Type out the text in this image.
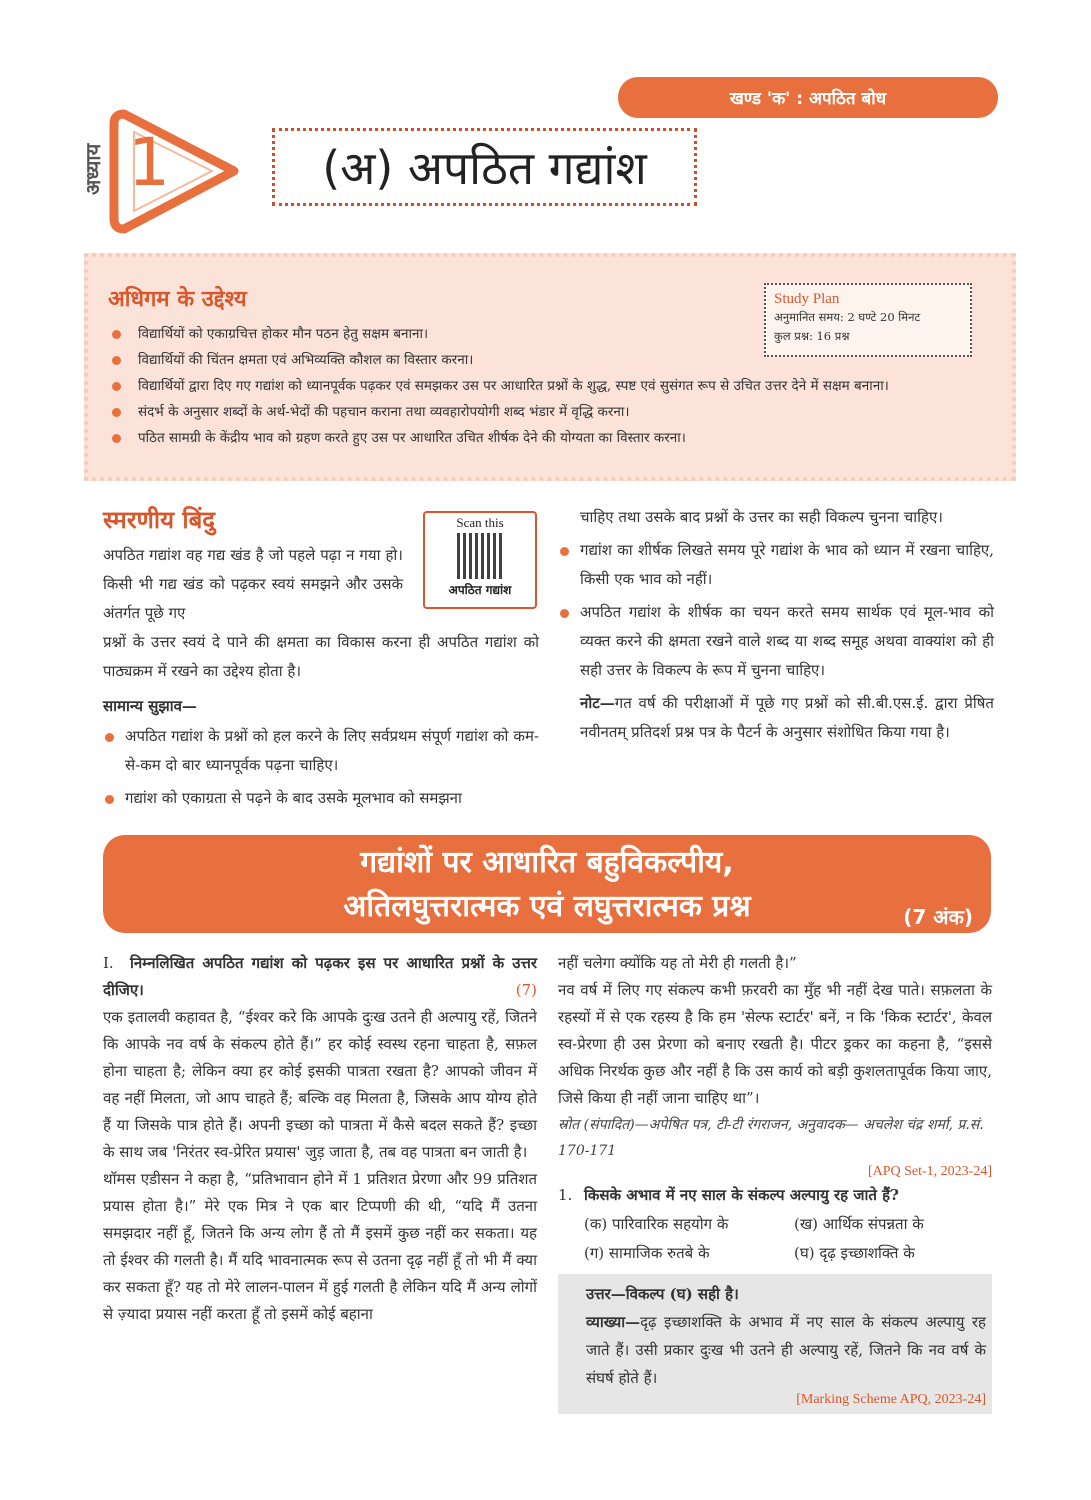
खण्ड 'क' : अपठित बोध
अध्याय 1	(अ) अपठित गद्यांश
अधिगम के उद्देश्य
विद्यार्थियों को एकाग्रचित्त होकर मौन पठन हेतु सक्षम बनाना।
विद्यार्थियों की चिंतन क्षमता एवं अभिव्यक्ति कौशल का विस्तार करना।
विद्यार्थियों द्वारा दिए गए गद्यांश को ध्यानपूर्वक पढ़कर एवं समझकर उस पर आधारित प्रश्नों के शुद्ध, स्पष्ट एवं सुसंगत रूप से उचित उत्तर देने में सक्षम बनाना।
संदर्भ के अनुसार शब्दों के अर्थ-भेदों की पहचान कराना तथा व्यवहारोपयोगी शब्द भंडार में वृद्धि करना।
पठित सामग्री के केंद्रीय भाव को ग्रहण करते हुए उस पर आधारित उचित शीर्षक देने की योग्यता का विस्तार करना।
Study Plan
अनुमानित समय: 2 घण्टे 20 मिनट
कुल प्रश्न: 16 प्रश्न
स्मरणीय बिंदु	Scan this
अपठित गद्यांश
अपठित गद्यांश वह गद्य खंड है जो पहले पढ़ा न गया हो। किसी भी गद्य खंड को पढ़कर स्वयं समझने और उसके अंतर्गत पूछे गए
प्रश्नों के उत्तर स्वयं दे पाने की क्षमता का विकास करना ही अपठित गद्यांश को पाठ्यक्रम में रखने का उद्देश्य होता है।
सामान्य सुझाव—
अपठित गद्यांश के प्रश्नों को हल करने के लिए सर्वप्रथम संपूर्ण गद्यांश को कम-से-कम दो बार ध्यानपूर्वक पढ़ना चाहिए।
गद्यांश को एकाग्रता से पढ़ने के बाद उसके मूलभाव को समझना
चाहिए तथा उसके बाद प्रश्नों के उत्तर का सही विकल्प चुनना चाहिए।
गद्यांश का शीर्षक लिखते समय पूरे गद्यांश के भाव को ध्यान में रखना चाहिए, किसी एक भाव को नहीं।
अपठित गद्यांश के शीर्षक का चयन करते समय सार्थक एवं मूल-भाव को व्यक्त करने की क्षमता रखने वाले शब्द या शब्द समूह अथवा वाक्यांश को ही सही उत्तर के विकल्प के रूप में चुनना चाहिए।
नोट—गत वर्ष की परीक्षाओं में पूछे गए प्रश्नों को सी.बी.एस.ई. द्वारा प्रेषित नवीनतम् प्रतिदर्श प्रश्न पत्र के पैटर्न के अनुसार संशोधित किया गया है।
गद्यांशों पर आधारित बहुविकल्पीय,
अतिलघुत्तरात्मक एवं लघुत्तरात्मक प्रश्न	(7 अंक)
I. निम्नलिखित अपठित गद्यांश को पढ़कर इस पर आधारित प्रश्नों के उत्तर दीजिए।	(7)
एक इतालवी कहावत है, “ईश्वर करे कि आपके दुःख उतने ही अल्पायु रहें, जितने कि आपके नव वर्ष के संकल्प होते हैं।” हर कोई स्वस्थ रहना चाहता है, सफ़ल होना चाहता है; लेकिन क्या हर कोई इसकी पात्रता रखता है? आपको जीवन में वह नहीं मिलता, जो आप चाहते हैं; बल्कि वह मिलता है, जिसके आप योग्य होते हैं या जिसके पात्र होते हैं। अपनी इच्छा को पात्रता में कैसे बदल सकते हैं? इच्छा के साथ जब 'निरंतर स्व-प्रेरित प्रयास' जुड़ जाता है, तब वह पात्रता बन जाती है।
थॉमस एडीसन ने कहा है, “प्रतिभावान होने में 1 प्रतिशत प्रेरणा और 99 प्रतिशत प्रयास होता है।” मेरे एक मित्र ने एक बार टिप्पणी की थी, “यदि मैं उतना समझदार नहीं हूँ, जितने कि अन्य लोग हैं तो मैं इसमें कुछ नहीं कर सकता। यह तो ईश्वर की गलती है। मैं यदि भावनात्मक रूप से उतना दृढ़ नहीं हूँ तो भी मैं क्या कर सकता हूँ? यह तो मेरे लालन-पालन में हुई गलती है लेकिन यदि मैं अन्य लोगों से ज़्यादा प्रयास नहीं करता हूँ तो इसमें कोई बहाना
नहीं चलेगा क्योंकि यह तो मेरी ही गलती है।”
नव वर्ष में लिए गए संकल्प कभी फ़रवरी का मुँह भी नहीं देख पाते। सफ़लता के रहस्यों में से एक रहस्य है कि हम 'सेल्फ स्टार्टर' बनें, न कि 'किक स्टार्टर', केवल स्व-प्रेरणा ही उस प्रेरणा को बनाए रखती है। पीटर ड्रकर का कहना है, “इससे अधिक निरर्थक कुछ और नहीं है कि उस कार्य को बड़ी कुशलतापूर्वक किया जाए, जिसे किया ही नहीं जाना चाहिए था”।
स्रोत (संपादित)—अपेषित पत्र, टी-टी रंगराजन, अनुवादक— अचलेश चंद्र शर्मा, प्र.सं. 170-171
[APQ Set-1, 2023-24]
1. किसके अभाव में नए साल के संकल्प अल्पायु रह जाते हैं?
(क) पारिवारिक सहयोग के	(ख) आर्थिक संपन्नता के
(ग) सामाजिक रुतबे के	(घ) दृढ़ इच्छाशक्ति के
उत्तर—विकल्प (घ) सही है।
व्याख्या—दृढ़ इच्छाशक्ति के अभाव में नए साल के संकल्प अल्पायु रह जाते हैं। उसी प्रकार दुःख भी उतने ही अल्पायु रहें, जितने कि नव वर्ष के संघर्ष होते हैं।
[Marking Scheme APQ, 2023-24]
